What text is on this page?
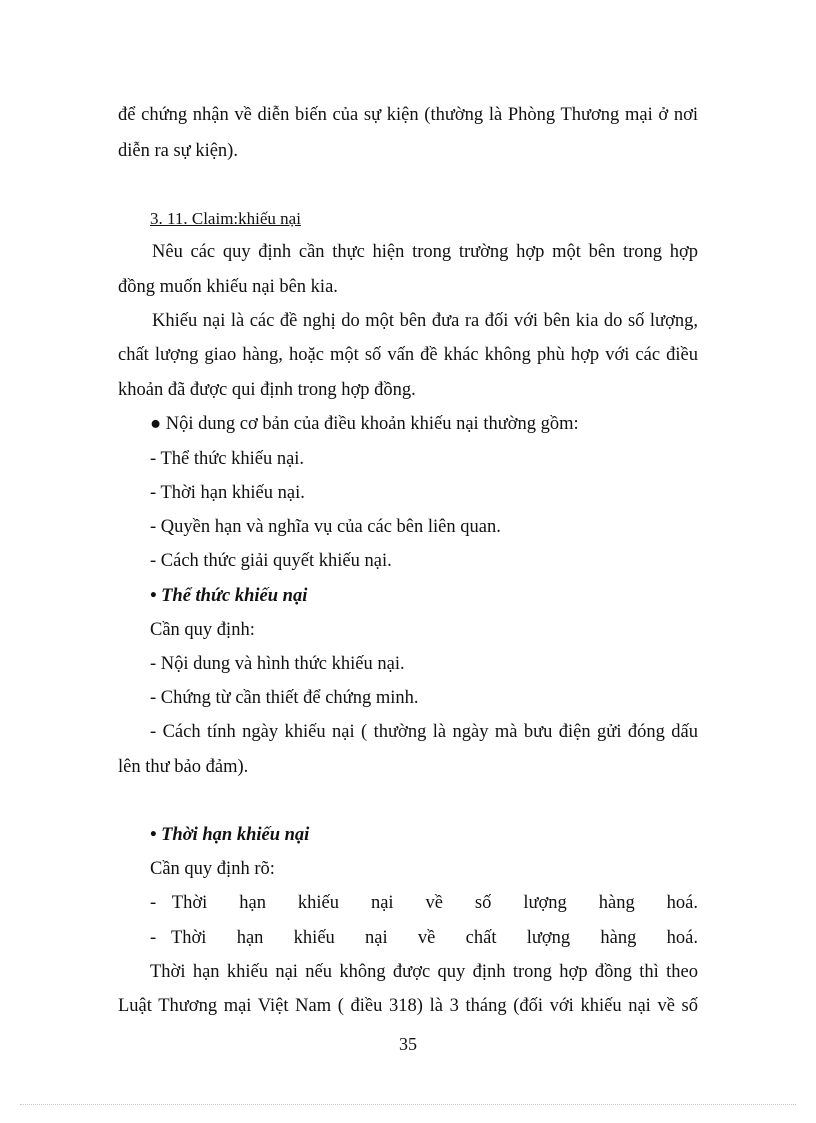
để chứng nhận về diễn biến của sự kiện (thường là Phòng Thương mại ở nơi
diễn ra sự kiện).
3. 11. Claim:khiếu nại
Nêu các quy định cần thực hiện trong trường hợp một bên trong hợp
đồng muốn khiếu nại bên kia.
Khiếu nại là các đề nghị do một bên đưa ra đối với bên kia do số lượng,
chất lượng giao hàng, hoặc một số vấn đề khác không phù hợp với các điều
khoản đã được qui định trong hợp đồng.
● Nội dung cơ bản của điều khoản khiếu nại thường gồm:
- Thể thức khiếu nại.
- Thời hạn khiếu nại.
- Quyền hạn và nghĩa vụ của các bên liên quan.
- Cách thức giải quyết khiếu nại.
• Thể thức khiếu nại
Cần quy định:
- Nội dung và hình thức khiếu nại.
- Chứng từ cần thiết để chứng minh.
- Cách tính ngày khiếu nại ( thường là ngày mà bưu điện gửi đóng dấu
lên thư bảo đảm).
• Thời hạn khiếu nại
Cần quy định rõ:
- Thời  hạn  khiếu  nại  về  số  lượng  hàng  hoá.
- Thời  hạn  khiếu  nại  về  chất  lượng  hàng  hoá.
Thời hạn khiếu nại nếu không được quy định trong hợp đồng thì theo
Luật Thương mại Việt Nam ( điều 318) là 3 tháng (đối với khiếu nại về số
35
